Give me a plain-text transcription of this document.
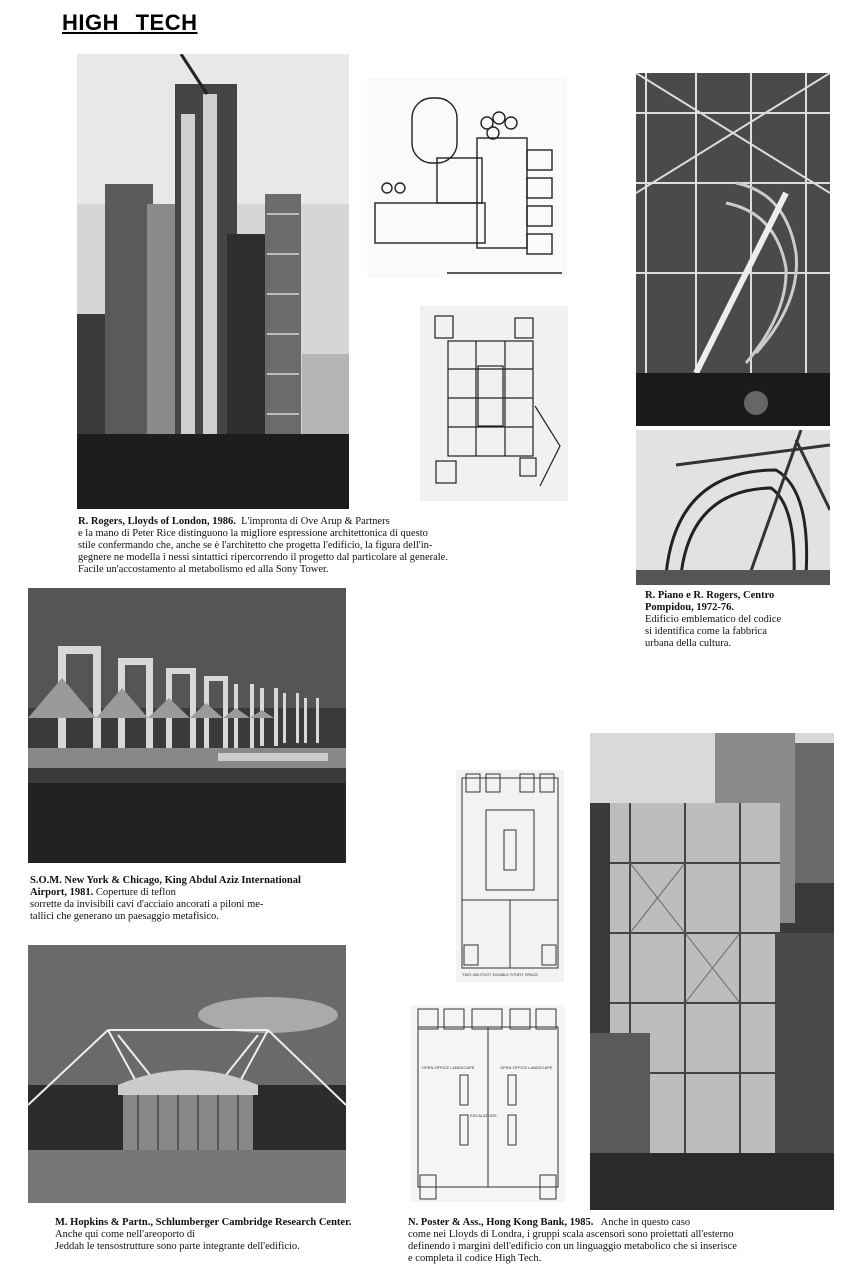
HIGH TECH
TWO 360-FOOT DOUBLE STORY SPACE
OPEN OFFICE LANDSCAPE	OPEN OFFICE LANDSCAPE
ESCALATORS

R. Rogers, Lloyds of London, 1986. L'impronta di Ove Arup & Partners

e la mano di Peter Rice distinguono la migliore espressione architettonica di questo

stile confermando che, anche se è l'architetto che progetta l'edificio, la figura dell'in-

gegnere ne modella i nessi sintattici ripercorrendo il progetto dal particolare al generale.

Facile un'accostamento al metabolismo ed alla Sony Tower.

R. Piano e R. Rogers, Centro Pompidou, 1972-76.

Edificio emblematico del codice

si identifica come la fabbrica

urbana della cultura.

S.O.M. New York & Chicago, King Abdul Aziz International Airport, 1981. Coperture di teflon

sorrette da invisibili cavi d'acciaio ancorati a piloni me-

tallici che generano un paesaggio metafisico.

M. Hopkins & Partn., Schlumberger Cambridge Research Center. Anche qui come nell'areoporto di

Jeddah le tensostrutture sono parte integrante dell'edificio.

N. Poster & Ass., Hong Kong Bank, 1985. Anche in questo caso

come nei Lloyds di Londra, i gruppi scala ascensori sono proiettati all'esterno

definendo i margini dell'edificio con un linguaggio metabolico che si inserisce

e completa il codice High Tech.
